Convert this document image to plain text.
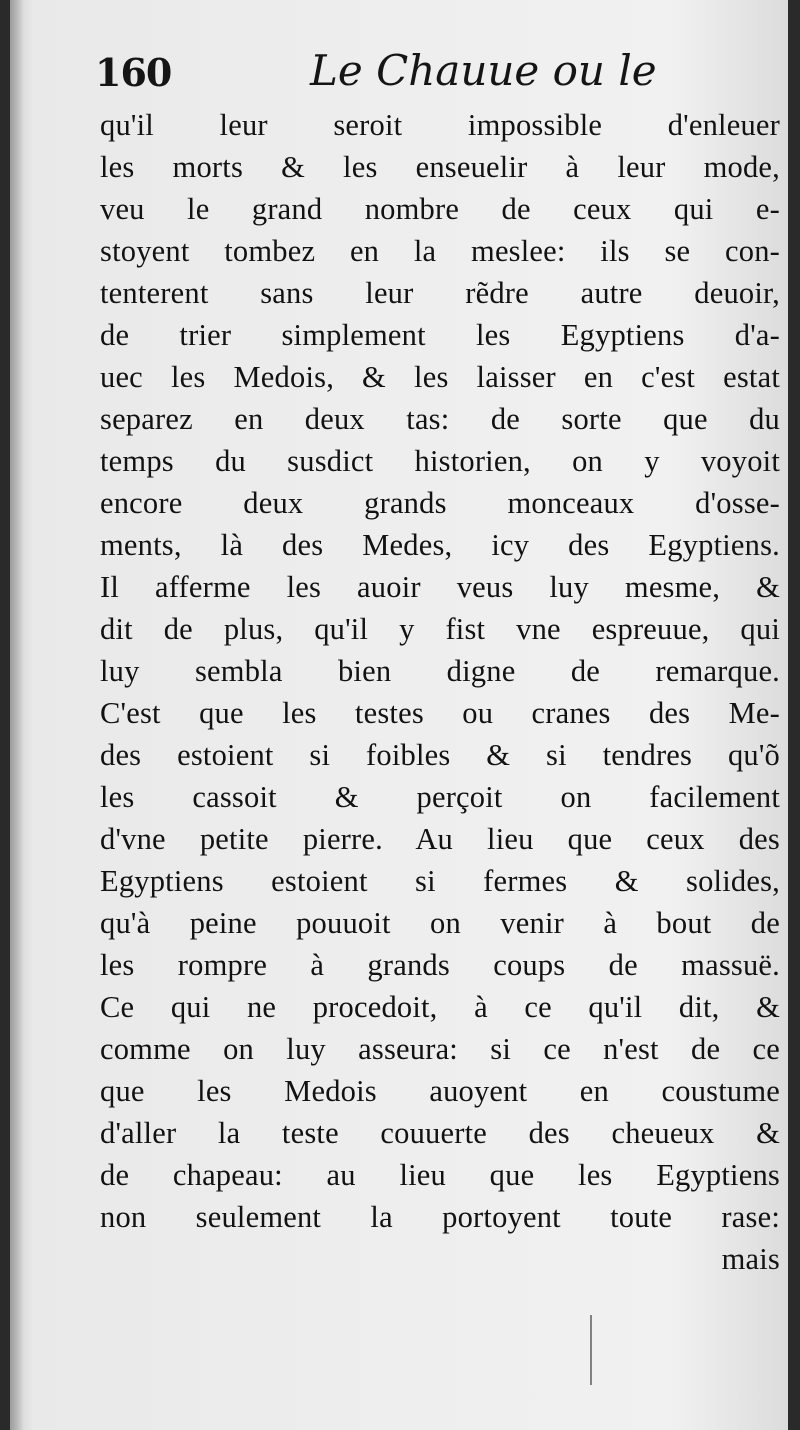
160	Le Chauue ou le
qu'il leur seroit impossible d'enleuer
les morts & les enseuelir à leur mode,
veu le grand nombre de ceux qui e-
stoyent tombez en la meslee: ils se con-
tenterent sans leur rẽdre autre deuoir,
de trier simplement les Egyptiens d'a-
uec les Medois, & les laisser en c'est estat
separez en deux tas: de sorte que du
temps du susdict historien, on y voyoit
encore deux grands monceaux d'osse-
ments, là des Medes, icy des Egyptiens.
Il afferme les auoir veus luy mesme, &
dit de plus, qu'il y fist vne espreuue, qui
luy sembla bien digne de remarque.
C'est que les testes ou cranes des Me-
des estoient si foibles & si tendres qu'õ
les cassoit & perçoit on facilement
d'vne petite pierre. Au lieu que ceux des
Egyptiens estoient si fermes & solides,
qu'à peine pouuoit on venir à bout de
les rompre à grands coups de massuë.
Ce qui ne procedoit, à ce qu'il dit, &
comme on luy asseura: si ce n'est de ce
que les Medois auoyent en coustume
d'aller la teste couuerte des cheueux &
de chapeau: au lieu que les Egyptiens
non seulement la portoyent toute rase:
mais
